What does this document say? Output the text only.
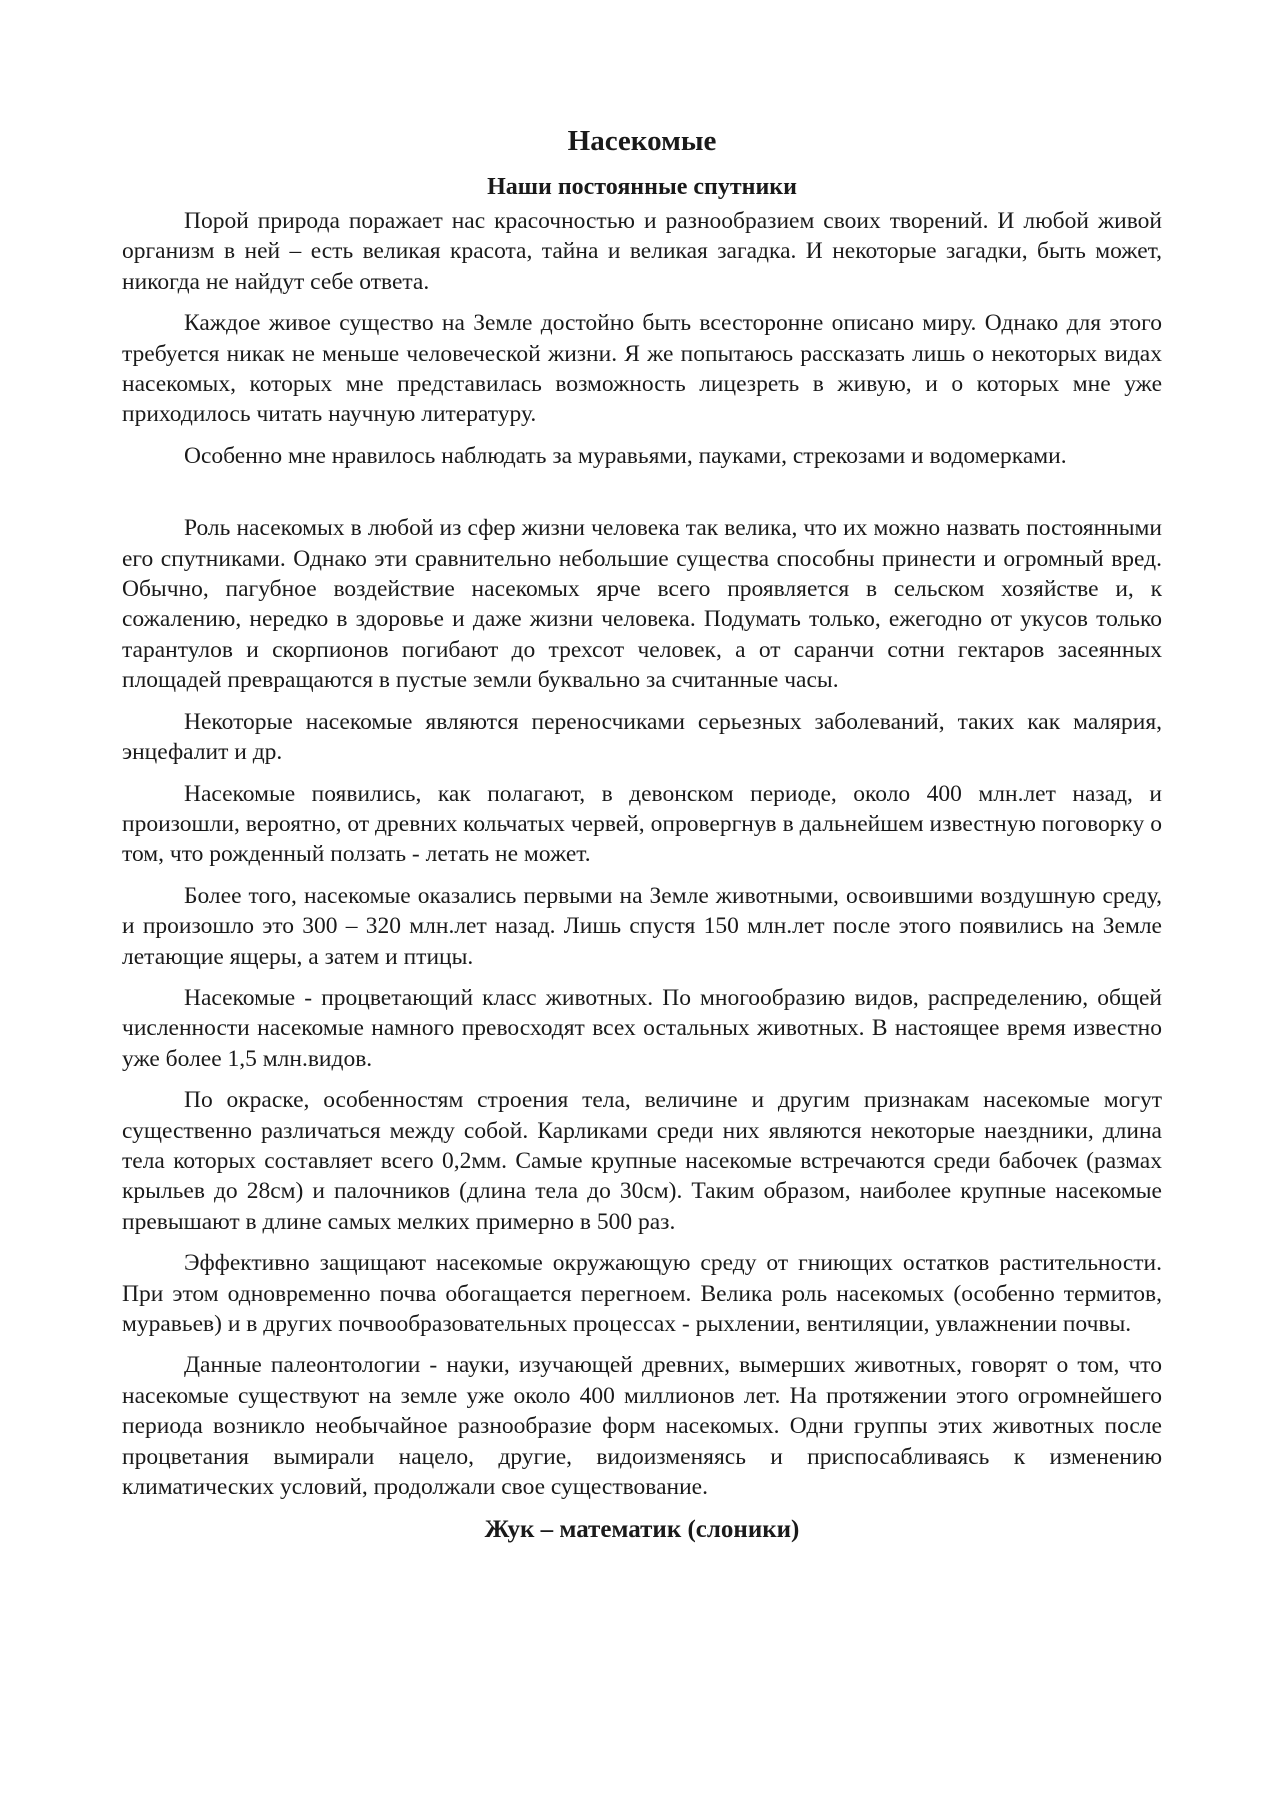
Насекомые
Наши постоянные спутники

Порой природа поражает нас красочностью и разнообразием своих творений. И любой живой организм в ней – есть великая красота, тайна и великая загадка. И некоторые загадки, быть может, никогда не найдут себе ответа.

Каждое живое существо на Земле достойно быть всесторонне описано миру. Однако для этого требуется никак не меньше человеческой жизни. Я же попытаюсь рассказать лишь о некоторых видах насекомых, которых мне представилась возможность лицезреть в живую, и о которых мне уже приходилось читать научную литературу.

Особенно мне нравилось наблюдать за муравьями, пауками, стрекозами и водомерками.

Роль насекомых в любой из сфер жизни человека так велика, что их можно назвать постоянными его спутниками. Однако эти сравнительно небольшие существа способны принести и огромный вред. Обычно, пагубное воздействие насекомых ярче всего проявляется в сельском хозяйстве и, к сожалению, нередко в здоровье и даже жизни человека. Подумать только, ежегодно от укусов только тарантулов и скорпионов погибают до трехсот человек, а от саранчи сотни гектаров засеянных площадей превращаются в пустые земли буквально за считанные часы.

Некоторые насекомые являются переносчиками серьезных заболеваний, таких как малярия, энцефалит и др.

Насекомые появились, как полагают, в девонском периоде, около 400 млн.лет назад, и произошли, вероятно, от древних кольчатых червей, опровергнув в дальнейшем известную поговорку о том, что рожденный ползать - летать не может.

Более того, насекомые оказались первыми на Земле животными, освоившими воздушную среду, и произошло это 300 – 320 млн.лет назад. Лишь спустя 150 млн.лет после этого появились на Земле летающие ящеры, а затем и птицы.

Насекомые - процветающий класс животных. По многообразию видов, распределению, общей численности насекомые намного превосходят всех остальных животных. В настоящее время известно уже более 1,5 млн.видов.

По окраске, особенностям строения тела, величине и другим признакам насекомые могут существенно различаться между собой. Карликами среди них являются некоторые наездники, длина тела которых составляет всего 0,2мм. Самые крупные насекомые встречаются среди бабочек (размах крыльев до 28см) и палочников (длина тела до 30см). Таким образом, наиболее крупные насекомые превышают в длине самых мелких примерно в 500 раз.

Эффективно защищают насекомые окружающую среду от гниющих остатков растительности. При этом одновременно почва обогащается перегноем. Велика роль насекомых (особенно термитов, муравьев) и в других почвообразовательных процессах - рыхлении, вентиляции, увлажнении почвы.

Данные палеонтологии - науки, изучающей древних, вымерших животных, говорят о том, что насекомые существуют на земле уже около 400 миллионов лет. На протяжении этого огромнейшего периода возникло необычайное разнообразие форм насекомых. Одни группы этих животных после процветания вымирали нацело, другие, видоизменяясь и приспосабливаясь к изменению климатических условий, продолжали свое существование.

Жук – математик (слоники)
